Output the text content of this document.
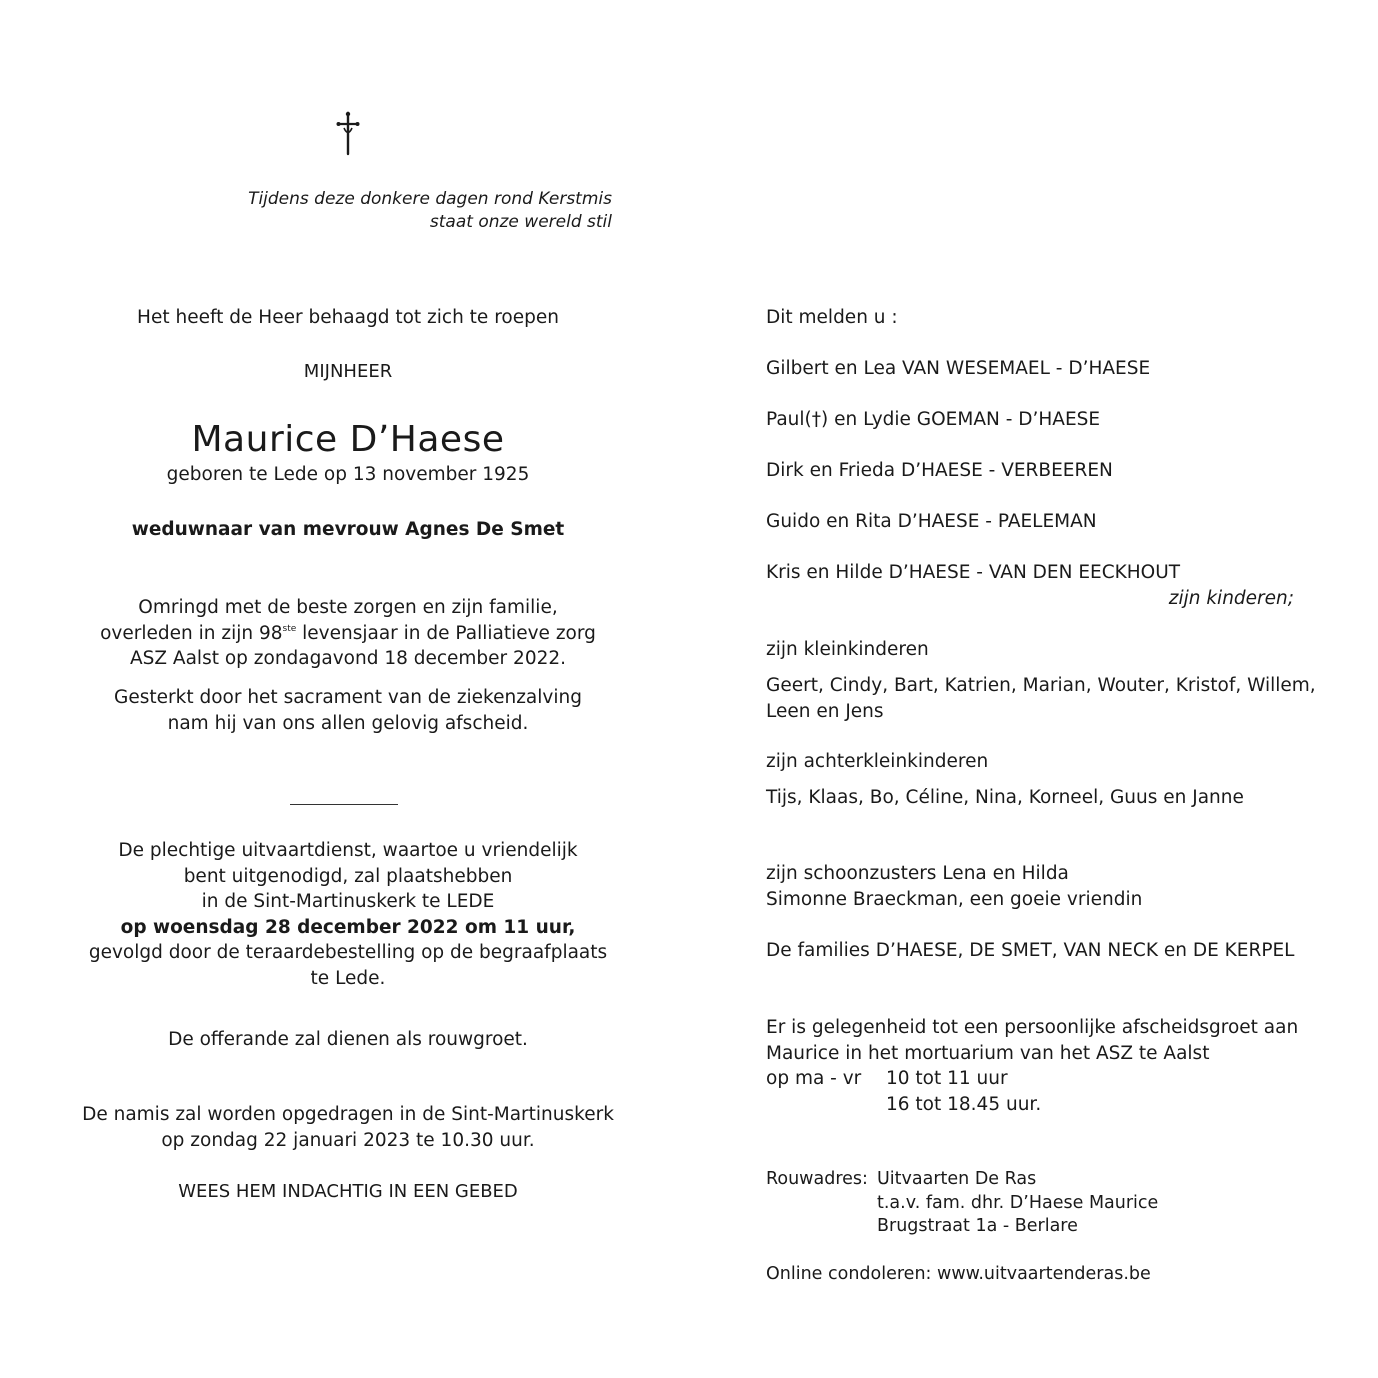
Tijdens deze donkere dagen rond Kerstmis
staat onze wereld stil
Het heeft de Heer behaagd tot zich te roepen
MIJNHEER
Maurice D’Haese
geboren te Lede op 13 november 1925
weduwnaar van mevrouw Agnes De Smet
Omringd met de beste zorgen en zijn familie,
overleden in zijn 98ste levensjaar in de Palliatieve zorg
ASZ Aalst op zondagavond 18 december 2022.
Gesterkt door het sacrament van de ziekenzalving
nam hij van ons allen gelovig afscheid.
De plechtige uitvaartdienst, waartoe u vriendelijk
bent uitgenodigd, zal plaatshebben
in de Sint-Martinuskerk te LEDE
op woensdag 28 december 2022 om 11 uur,
gevolgd door de teraardebestelling op de begraafplaats
te Lede.
De offerande zal dienen als rouwgroet.
De namis zal worden opgedragen in de Sint-Martinuskerk
op zondag 22 januari 2023 te 10.30 uur.
WEES HEM INDACHTIG IN EEN GEBED
Dit melden u :
Gilbert en Lea VAN WESEMAEL - D’HAESE
Paul(†) en Lydie GOEMAN - D’HAESE
Dirk en Frieda D’HAESE - VERBEEREN
Guido en Rita D’HAESE - PAELEMAN
Kris en Hilde D’HAESE - VAN DEN EECKHOUT
zijn kinderen;
zijn kleinkinderen
Geert, Cindy, Bart, Katrien, Marian, Wouter, Kristof, Willem,
Leen en Jens
zijn achterkleinkinderen
Tijs, Klaas, Bo, Céline, Nina, Korneel, Guus en Janne
zijn schoonzusters Lena en Hilda
Simonne Braeckman, een goeie vriendin
De families D’HAESE, DE SMET, VAN NECK en DE KERPEL
Er is gelegenheid tot een persoonlijke afscheidsgroet aan
Maurice in het mortuarium van het ASZ te Aalst
op ma - vr 10 tot 11 uur
16 tot 18.45 uur.
Rouwadres: Uitvaarten De Ras
t.a.v. fam. dhr. D’Haese Maurice
Brugstraat 1a - Berlare
Online condoleren: www.uitvaartenderas.be
